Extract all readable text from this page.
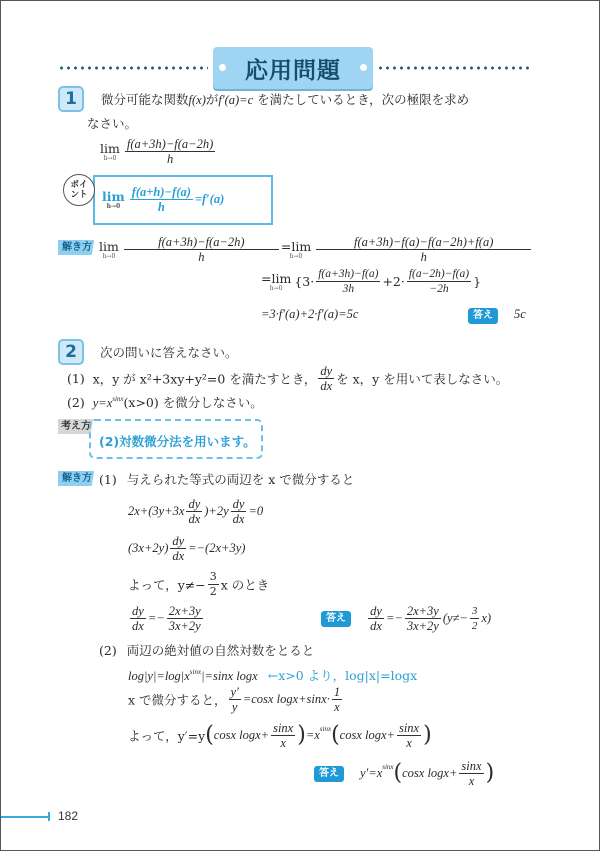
応用問題
1	微分可能な関数f(x)がf′(a)=c を満たしているとき，次の極限を求め
なさい。
lim
$h\to 0 \frac{f(a+3h)-f(a-2h)}{h}$
ポイ
ント	lim
$h\to 0 \frac{f(a+h)-f(a)}{h} =f'(a)$
解き方 lim
$h\to 0 \frac{f(a+3h)-f(a-2h)}{h} =\lim$
$h\to 0 \frac{f(a+3h)-f(a)-f(a-2h)+f(a)}{h}$
=lim
h→0 {$3\cdot \frac{f(a+3h)-f(a)}{3h} +2\cdot \frac{f(a-2h)-f(a)}{-2h}$ }
=3·f′(a)+2·f′(a)=5c	答え 5c
2	次の問いに答えなさい。
(1) x，y が x²+3xy+y²=0 を満たすとき， $\frac{dy}{dx}$ を x，y を用いて表しなさい。
(2) $y=x^{sinx}(x>0)$ を微分しなさい。
考え方
(2)対数微分法を用います。
解き方 (1) 与えられた等式の両辺を x で微分すると
$2x+(3y+3x \frac{dy}{dx} )+2y \frac{dy}{dx} =0$
$(3x+2y) \frac{dy}{dx} =-(2x+3y)$
よって，$y\ne- \frac{3}{2}$ x のとき
$\frac{dy}{dx} =- \frac{2x+3y}{3x+2y}$	答え $\frac{dy}{dx} =- \frac{2x+3y}{3x+2y} (y\ne- \frac{3}{2} x)$
(2) 両辺の絶対値の自然対数をとると
$\log|y|=\log|x^{sinx}|=\sin x$ logx ←x>0 より，log|x|=logx
x で微分すると， $\frac{y'}{y} =\cos x$ $\log x+\sin x\cdot \frac{1}{x}$
よって，y′=y(cosx $\log x+ \frac{\sin x}{x} )=x^{sinx}(\cos x$ $\log x+ \frac{\sin x}{x}$ )
答え $y'=x^{sinx}(\cos x$ $\log x+ \frac{\sin x}{x}$ )
182
